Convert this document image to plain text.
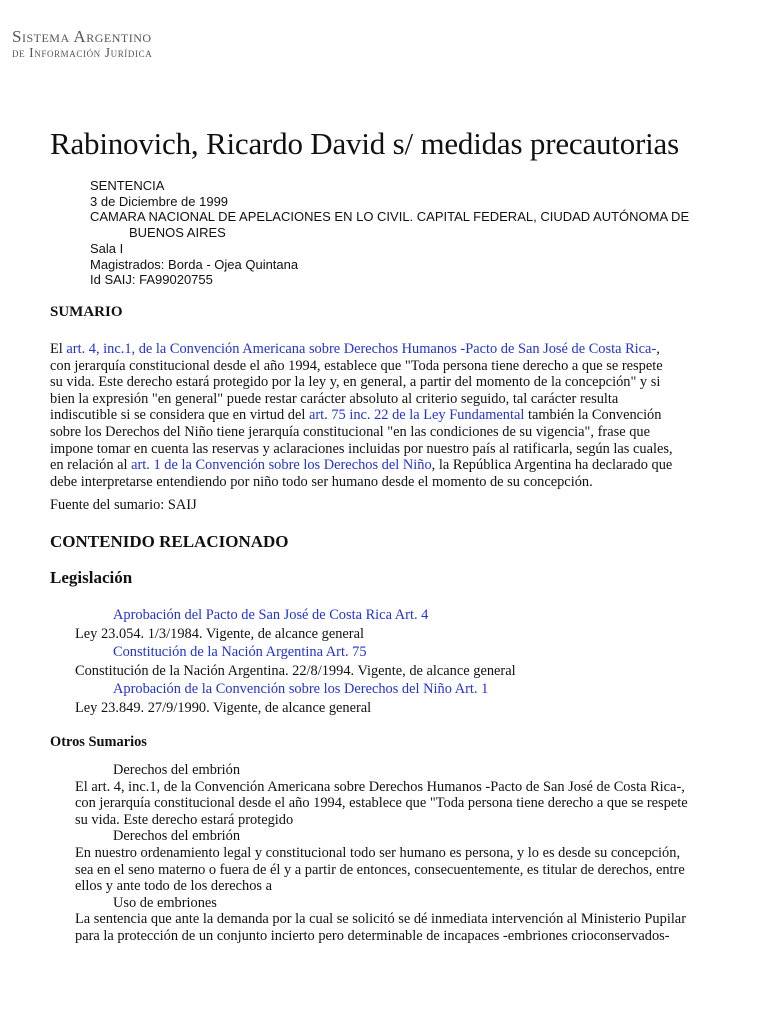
Sistema Argentino
de Información Jurídica
Rabinovich, Ricardo David s/ medidas precautorias
SENTENCIA
3 de Diciembre de 1999
CAMARA NACIONAL DE APELACIONES EN LO CIVIL. CAPITAL FEDERAL, CIUDAD AUTÓNOMA DE
BUENOS AIRES
Sala I
Magistrados: Borda - Ojea Quintana
Id SAIJ: FA99020755
SUMARIO
El art. 4, inc.1, de la Convención Americana sobre Derechos Humanos -Pacto de San José de Costa Rica-,
con jerarquía constitucional desde el año 1994, establece que "Toda persona tiene derecho a que se respete
su vida. Este derecho estará protegido por la ley y, en general, a partir del momento de la concepción" y si
bien la expresión "en general" puede restar carácter absoluto al criterio seguido, tal carácter resulta
indiscutible si se considera que en virtud del art. 75 inc. 22 de la Ley Fundamental también la Convención
sobre los Derechos del Niño tiene jerarquía constitucional "en las condiciones de su vigencia", frase que
impone tomar en cuenta las reservas y aclaraciones incluidas por nuestro país al ratificarla, según las cuales,
en relación al art. 1 de la Convención sobre los Derechos del Niño, la República Argentina ha declarado que
debe interpretarse entendiendo por niño todo ser humano desde el momento de su concepción.

Fuente del sumario: SAIJ

CONTENIDO RELACIONADO
Legislación
Aprobación del Pacto de San José de Costa Rica Art. 4
Ley 23.054. 1/3/1984. Vigente, de alcance general
Constitución de la Nación Argentina Art. 75
Constitución de la Nación Argentina. 22/8/1994. Vigente, de alcance general
Aprobación de la Convención sobre los Derechos del Niño Art. 1
Ley 23.849. 27/9/1990. Vigente, de alcance general
Otros Sumarios
Derechos del embrión
El art. 4, inc.1, de la Convención Americana sobre Derechos Humanos -Pacto de San José de Costa Rica-,
con jerarquía constitucional desde el año 1994, establece que "Toda persona tiene derecho a que se respete
su vida. Este derecho estará protegido
Derechos del embrión
En nuestro ordenamiento legal y constitucional todo ser humano es persona, y lo es desde su concepción,
sea en el seno materno o fuera de él y a partir de entonces, consecuentemente, es titular de derechos, entre
ellos y ante todo de los derechos a
Uso de embriones
La sentencia que ante la demanda por la cual se solicitó se dé inmediata intervención al Ministerio Pupilar
para la protección de un conjunto incierto pero determinable de incapaces -embriones crioconservados-
